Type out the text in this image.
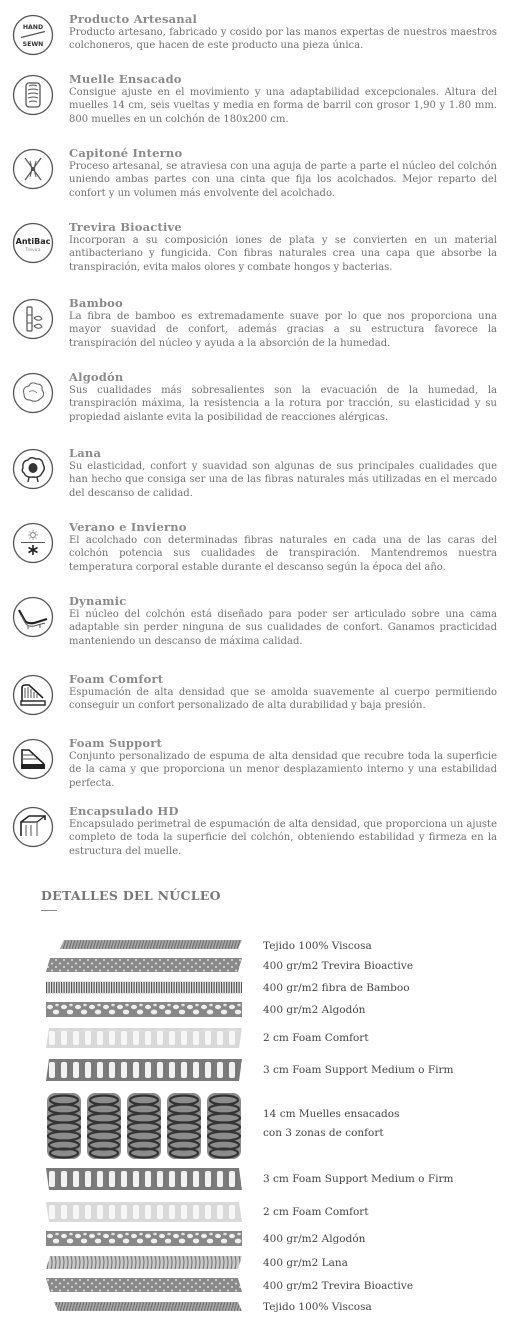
HAND
SEWN
Producto Artesanal
Producto artesano, fabricado y cosido por las manos expertas de nuestros maestros colchoneros, que hacen de este producto una pieza única.
Muelle Ensacado
Consigue ajuste en el movimiento y una adaptabilidad excepcionales. Altura del muelles 14 cm, seis vueltas y media en forma de barril con grosor 1,90 y 1.80 mm. 800 muelles en un colchón de 180x200 cm.
Capitoné Interno
Proceso artesanal, se atraviesa con una aguja de parte a parte el núcleo del colchón uniendo ambas partes con una cinta que fija los acolchados. Mejor reparto del confort y un volumen más envolvente del acolchado.
AntiBac
Trevira
Trevira Bioactive
Incorporan a su composición iones de plata y se convierten en un material antibacteriano y fungicida. Con fibras naturales crea una capa que absorbe la transpiración, evita malos olores y combate hongos y bacterias.
Bamboo
La fibra de bamboo es extremadamente suave por lo que nos proporciona una mayor suavidad de confort, además gracias a su estructura favorece la transpiración del núcleo y ayuda a la absorción de la humedad.
Algodón
Sus cualidades más sobresalientes son la evacuación de la humedad, la transpiración máxima, la resistencia a la rotura por tracción, su elasticidad y su propiedad aislante evita la posibilidad de reacciones alérgicas.
Lana
Su elasticidad, confort y suavidad son algunas de sus principales cualidades que han hecho que consiga ser una de las fibras naturales más utilizadas en el mercado del descanso de calidad.
Verano e Invierno
El acolchado con determinadas fibras naturales en cada una de las caras del colchón potencia sus cualidades de transpiración. Mantendremos nuestra temperatura corporal estable durante el descanso según la época del año.
Dynamic
El núcleo del colchón está diseñado para poder ser articulado sobre una cama adaptable sin perder ninguna de sus cualidades de confort. Ganamos practicidad manteniendo un descanso de máxima calidad.
Foam Comfort
Espumación de alta densidad que se amolda suavemente al cuerpo permitiendo conseguir un confort personalizado de alta durabilidad y baja presión.
Foam Support
Conjunto personalizado de espuma de alta densidad que recubre toda la superficie de la cama y que proporciona un menor desplazamiento interno y una estabilidad perfecta.
Encapsulado HD
Encapsulado perimetral de espumación de alta densidad, que proporciona un ajuste completo de toda la superficie del colchón, obteniendo estabilidad y firmeza en la estructura del muelle.
DETALLES DEL NÚCLEO
Tejido 100% Viscosa
400 gr/m2 Trevira Bioactive
400 gr/m2 fibra de Bamboo
400 gr/m2 Algodón
2 cm Foam Comfort
3 cm Foam Support Medium o Firm
14 cm Muelles ensacados
con 3 zonas de confort
3 cm Foam Support Medium o Firm
2 cm Foam Comfort
400 gr/m2 Algodón
400 gr/m2 Lana
400 gr/m2 Trevira Bioactive
Tejido 100% Viscosa
